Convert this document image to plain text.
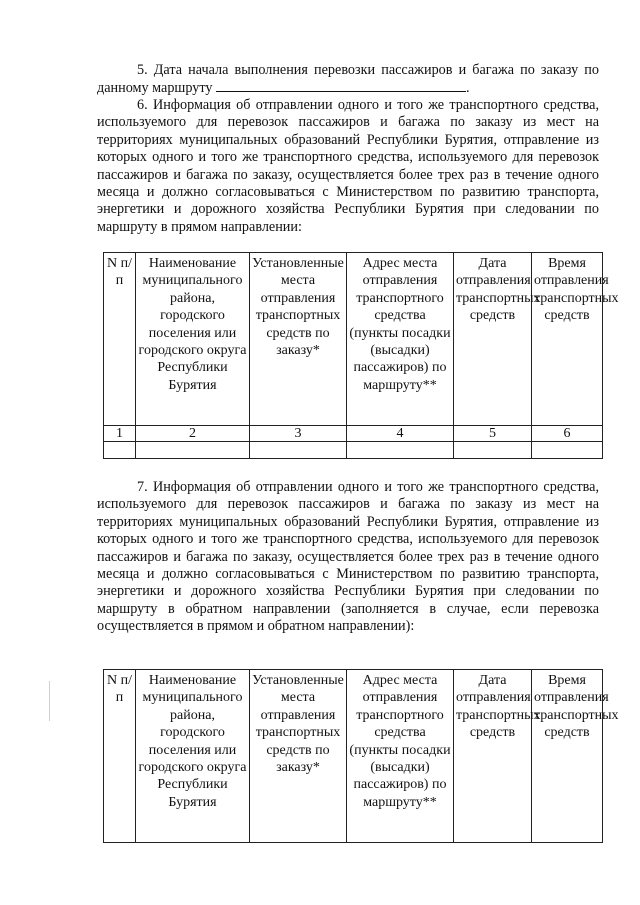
5. Дата начала выполнения перевозки пассажиров и багажа по заказу по данному маршруту	.

6. Информация об отправлении одного и того же транспортного средства, используемого для перевозок пассажиров и багажа по заказу из мест на территориях муниципальных образований Республики Бурятия, отправление из которых одного и того же транспортного средства, используемого для перевозок пассажиров и багажа по заказу, осуществляется более трех раз в течение одного месяца и должно согласовываться с Министерством по развитию транспорта, энергетики и дорожного хозяйства Республики Бурятия при следовании по маршруту в прямом направлении:

N п/п	Наименование муниципального района, городского поселения или городского округа Республики Бурятия	Установленные места отправления транспортных средств по заказу*	Адрес места отправления транспортного средства (пункты посадки (высадки) пассажиров) по маршруту**	Дата отправления транспортных средств	Время отправления транспортных средств
1	2	3	4	5	6

7. Информация об отправлении одного и того же транспортного средства, используемого для перевозок пассажиров и багажа по заказу из мест на территориях муниципальных образований Республики Бурятия, отправление из которых одного и того же транспортного средства, используемого для перевозок пассажиров и багажа по заказу, осуществляется более трех раз в течение одного месяца и должно согласовываться с Министерством по развитию транспорта, энергетики и дорожного хозяйства Республики Бурятия при следовании по маршруту в обратном направлении (заполняется в случае, если перевозка осуществляется в прямом и обратном направлении):

N п/п	Наименование муниципального района, городского поселения или городского округа Республики Бурятия	Установленные места отправления транспортных средств по заказу*	Адрес места отправления транспортного средства (пункты посадки (высадки) пассажиров) по маршруту**	Дата отправления транспортных средств	Время отправления транспортных средств
